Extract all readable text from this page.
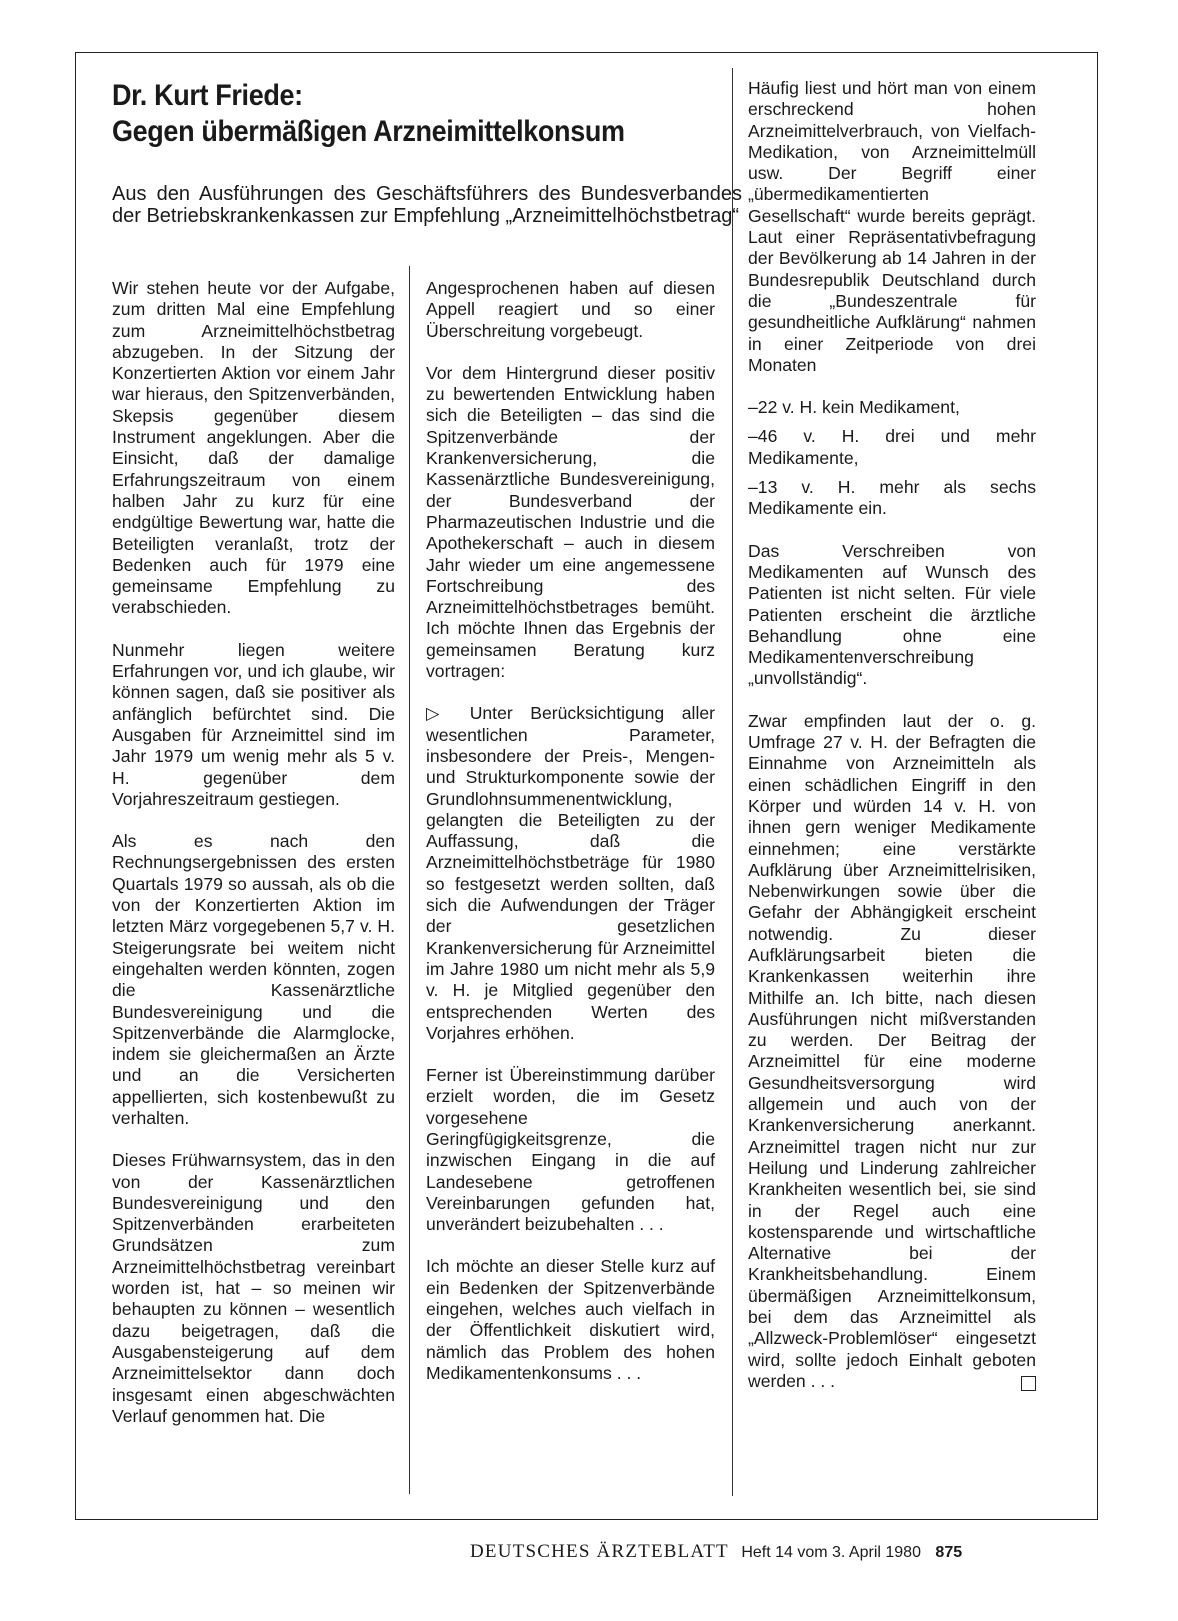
Dr. Kurt Friede:
Gegen übermäßigen Arzneimittelkonsum

Aus den Ausführungen des Geschäftsführers des Bundesverbandes der Betriebskrankenkassen zur Empfehlung „Arzneimittelhöchstbetrag“

Wir stehen heute vor der Aufgabe, zum dritten Mal eine Empfehlung zum Arzneimittelhöchstbetrag abzugeben. In der Sitzung der Konzertierten Aktion vor einem Jahr war hieraus, den Spitzenverbänden, Skepsis gegenüber diesem Instrument angeklungen. Aber die Einsicht, daß der damalige Erfahrungszeitraum von einem halben Jahr zu kurz für eine endgültige Bewertung war, hatte die Beteiligten veranlaßt, trotz der Bedenken auch für 1979 eine gemeinsame Empfehlung zu verabschieden.

Nunmehr liegen weitere Erfahrungen vor, und ich glaube, wir können sagen, daß sie positiver als anfänglich befürchtet sind. Die Ausgaben für Arzneimittel sind im Jahr 1979 um wenig mehr als 5 v. H. gegenüber dem Vorjahreszeitraum gestiegen.

Als es nach den Rechnungsergebnissen des ersten Quartals 1979 so aussah, als ob die von der Konzertierten Aktion im letzten März vorgegebenen 5,7 v. H. Steigerungsrate bei weitem nicht eingehalten werden könnten, zogen die Kassenärztliche Bundesvereinigung und die Spitzenverbände die Alarmglocke, indem sie gleichermaßen an Ärzte und an die Versicherten appellierten, sich kostenbewußt zu verhalten.

Dieses Frühwarnsystem, das in den von der Kassenärztlichen Bundesvereinigung und den Spitzenverbänden erarbeiteten Grundsätzen zum Arzneimittelhöchstbetrag vereinbart worden ist, hat – so meinen wir behaupten zu können – wesentlich dazu beigetragen, daß die Ausgabensteigerung auf dem Arzneimittelsektor dann doch insgesamt einen abgeschwächten Verlauf genommen hat. Die

Angesprochenen haben auf diesen Appell reagiert und so einer Überschreitung vorgebeugt.

Vor dem Hintergrund dieser positiv zu bewertenden Entwicklung haben sich die Beteiligten – das sind die Spitzenverbände der Krankenversicherung, die Kassenärztliche Bundesvereinigung, der Bundesverband der Pharmazeutischen Industrie und die Apothekerschaft – auch in diesem Jahr wieder um eine angemessene Fortschreibung des Arzneimittelhöchstbetrages bemüht. Ich möchte Ihnen das Ergebnis der gemeinsamen Beratung kurz vortragen:

▷ Unter Berücksichtigung aller wesentlichen Parameter, insbesondere der Preis-, Mengen- und Strukturkomponente sowie der Grundlohnsummenentwicklung, gelangten die Beteiligten zu der Auffassung, daß die Arzneimittelhöchstbeträge für 1980 so festgesetzt werden sollten, daß sich die Aufwendungen der Träger der gesetzlichen Krankenversicherung für Arzneimittel im Jahre 1980 um nicht mehr als 5,9 v. H. je Mitglied gegenüber den entsprechenden Werten des Vorjahres erhöhen.

Ferner ist Übereinstimmung darüber erzielt worden, die im Gesetz vorgesehene Geringfügigkeitsgrenze, die inzwischen Eingang in die auf Landesebene getroffenen Vereinbarungen gefunden hat, unverändert beizubehalten . . .

Ich möchte an dieser Stelle kurz auf ein Bedenken der Spitzenverbände eingehen, welches auch vielfach in der Öffentlichkeit diskutiert wird, nämlich das Problem des hohen Medikamentenkonsums . . .

Häufig liest und hört man von einem erschreckend hohen Arzneimittelverbrauch, von Vielfach-Medikation, von Arzneimittelmüll usw. Der Begriff einer „übermedikamentierten Gesellschaft“ wurde bereits geprägt. Laut einer Repräsentativbefragung der Bevölkerung ab 14 Jahren in der Bundesrepublik Deutschland durch die „Bundeszentrale für gesundheitliche Aufklärung“ nahmen in einer Zeitperiode von drei Monaten

–22 v. H. kein Medikament,

–46 v. H. drei und mehr Medikamente,

–13 v. H. mehr als sechs Medikamente ein.

Das Verschreiben von Medikamenten auf Wunsch des Patienten ist nicht selten. Für viele Patienten erscheint die ärztliche Behandlung ohne eine Medikamentenverschreibung „unvollständig“.

Zwar empfinden laut der o. g. Umfrage 27 v. H. der Befragten die Einnahme von Arzneimitteln als einen schädlichen Eingriff in den Körper und würden 14 v. H. von ihnen gern weniger Medikamente einnehmen; eine verstärkte Aufklärung über Arzneimittelrisiken, Nebenwirkungen sowie über die Gefahr der Abhängigkeit erscheint notwendig. Zu dieser Aufklärungsarbeit bieten die Krankenkassen weiterhin ihre Mithilfe an. Ich bitte, nach diesen Ausführungen nicht mißverstanden zu werden. Der Beitrag der Arzneimittel für eine moderne Gesundheitsversorgung wird allgemein und auch von der Krankenversicherung anerkannt. Arzneimittel tragen nicht nur zur Heilung und Linderung zahlreicher Krankheiten wesentlich bei, sie sind in der Regel auch eine kostensparende und wirtschaftliche Alternative bei der Krankheitsbehandlung. Einem übermäßigen Arzneimittelkonsum, bei dem das Arzneimittel als „Allzweck-Problemlöser“ eingesetzt wird, sollte jedoch Einhalt geboten werden . . .

DEUTSCHES ÄRZTEBLATT Heft 14 vom 3. April 1980 875
